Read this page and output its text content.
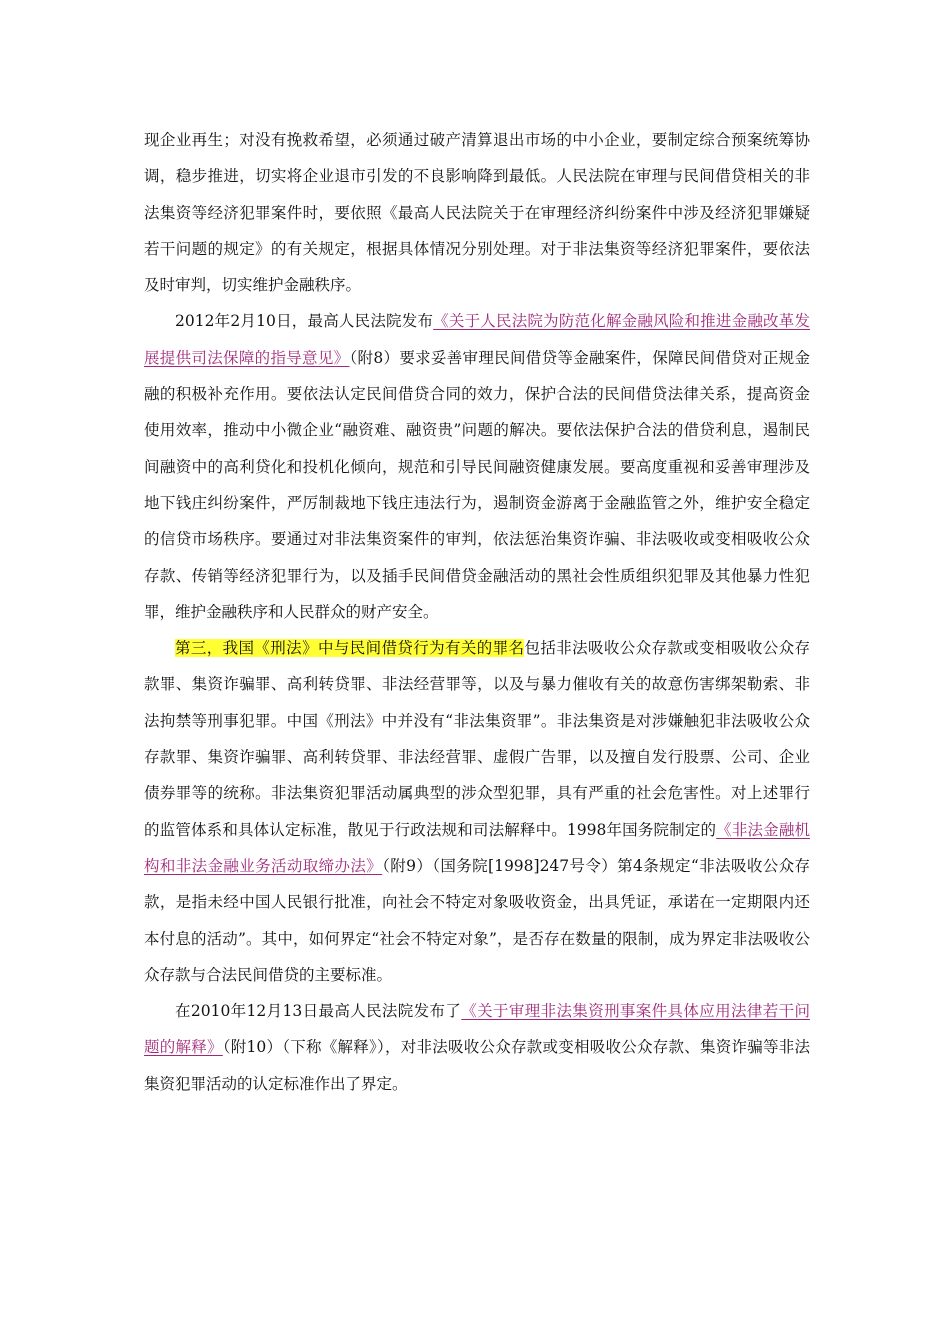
现企业再生；对没有挽救希望，必须通过破产清算退出市场的中小企业，要制定综合预案统筹协调，稳步推进，切实将企业退市引发的不良影响降到最低。人民法院在审理与民间借贷相关的非法集资等经济犯罪案件时，要依照《最高人民法院关于在审理经济纠纷案件中涉及经济犯罪嫌疑若干问题的规定》的有关规定，根据具体情况分别处理。对于非法集资等经济犯罪案件，要依法及时审判，切实维护金融秩序。

2012年2月10日，最高人民法院发布《关于人民法院为防范化解金融风险和推进金融改革发展提供司法保障的指导意见》（附8）要求妥善审理民间借贷等金融案件，保障民间借贷对正规金融的积极补充作用。要依法认定民间借贷合同的效力，保护合法的民间借贷法律关系，提高资金使用效率，推动中小微企业“融资难、融资贵”问题的解决。要依法保护合法的借贷利息，遏制民间融资中的高利贷化和投机化倾向，规范和引导民间融资健康发展。要高度重视和妥善审理涉及地下钱庄纠纷案件，严厉制裁地下钱庄违法行为，遏制资金游离于金融监管之外，维护安全稳定的信贷市场秩序。要通过对非法集资案件的审判，依法惩治集资诈骗、非法吸收或变相吸收公众存款、传销等经济犯罪行为，以及插手民间借贷金融活动的黑社会性质组织犯罪及其他暴力性犯罪，维护金融秩序和人民群众的财产安全。

第三，我国《刑法》中与民间借贷行为有关的罪名包括非法吸收公众存款或变相吸收公众存款罪、集资诈骗罪、高利转贷罪、非法经营罪等，以及与暴力催收有关的故意伤害绑架勒索、非法拘禁等刑事犯罪。中国《刑法》中并没有“非法集资罪”。非法集资是对涉嫌触犯非法吸收公众存款罪、集资诈骗罪、高利转贷罪、非法经营罪、虚假广告罪，以及擅自发行股票、公司、企业债券罪等的统称。非法集资犯罪活动属典型的涉众型犯罪，具有严重的社会危害性。对上述罪行的监管体系和具体认定标准，散见于行政法规和司法解释中。1998年国务院制定的《非法金融机构和非法金融业务活动取缔办法》（附9）（国务院[1998]247号令）第4条规定“非法吸收公众存款，是指未经中国人民银行批准，向社会不特定对象吸收资金，出具凭证，承诺在一定期限内还本付息的活动”。其中，如何界定“社会不特定对象”，是否存在数量的限制，成为界定非法吸收公众存款与合法民间借贷的主要标准。

在2010年12月13日最高人民法院发布了《关于审理非法集资刑事案件具体应用法律若干问题的解释》（附10）（下称《解释》），对非法吸收公众存款或变相吸收公众存款、集资诈骗等非法集资犯罪活动的认定标准作出了界定。
